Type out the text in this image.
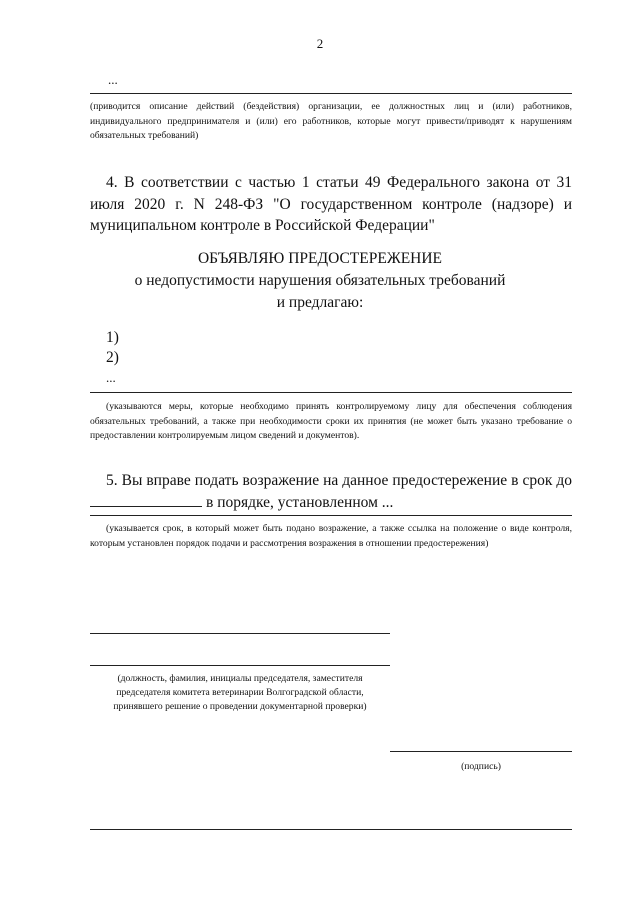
2
...
(приводится описание действий (бездействия) организации, ее должностных лиц и (или) работников, индивидуального предпринимателя и (или) его работников, которые могут привести/приводят к нарушениям обязательных требований)
4. В соответствии с частью 1 статьи 49 Федерального закона от 31 июля 2020 г. N 248-ФЗ "О государственном контроле (надзоре) и муниципальном контроле в Российской Федерации"
ОБЪЯВЛЯЮ ПРЕДОСТЕРЕЖЕНИЕ
о недопустимости нарушения обязательных требований
и предлагаю:
1)
2)
...
(указываются меры, которые необходимо принять контролируемому лицу для обеспечения соблюдения обязательных требований, а также при необходимости сроки их принятия (не может быть указано требование о предоставлении контролируемым лицом сведений и документов).
5. Вы вправе подать возражение на данное предостережение в срок до
в порядке, установленном ...
(указывается срок, в который может быть подано возражение, а также ссылка на положение о виде контроля, которым установлен порядок подачи и рассмотрения возражения в отношении предостережения)
(должность, фамилия, инициалы председателя, заместителя
председателя комитета ветеринарии Волгоградской области,
принявшего решение о проведении документарной проверки)
(подпись)
